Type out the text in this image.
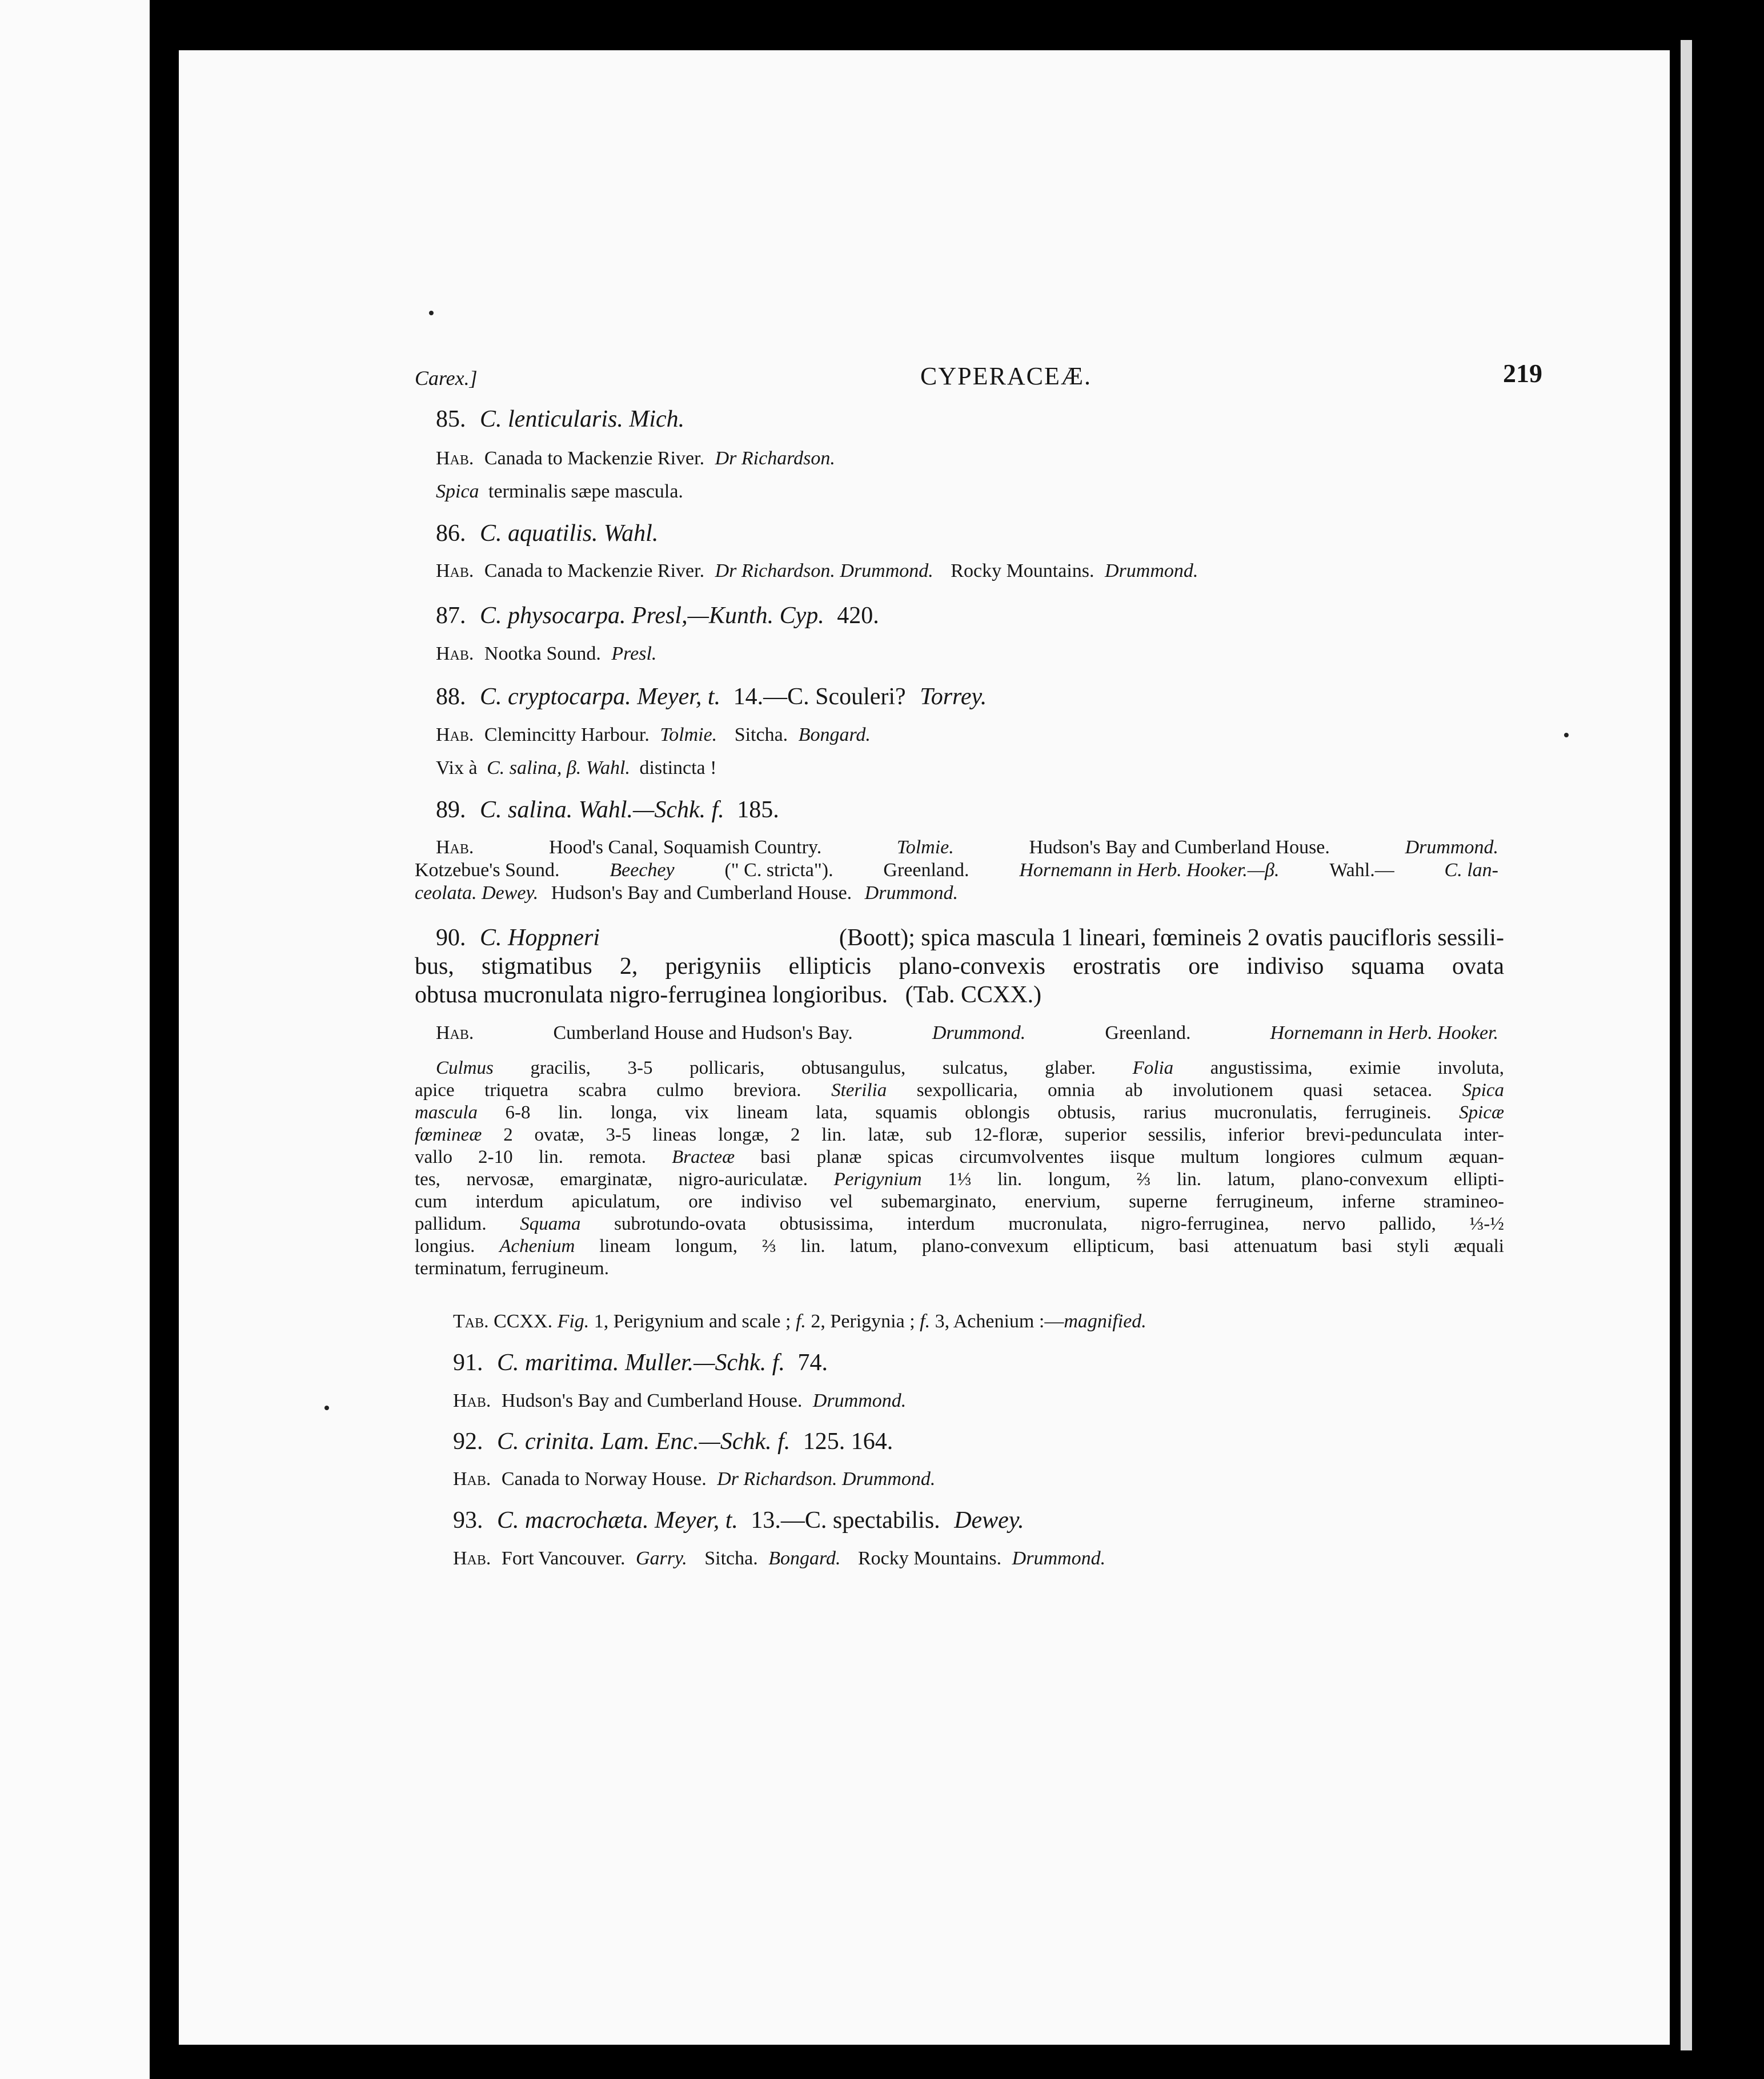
Carex.]	CYPERACEÆ.	219
85. C. lenticularis. Mich.
Hab. Canada to Mackenzie River. Dr Richardson.
Spica terminalis sæpe mascula.
86. C. aquatilis. Wahl.
Hab. Canada to Mackenzie River. Dr Richardson. Drummond. Rocky Mountains. Drummond.
87. C. physocarpa. Presl,—Kunth. Cyp. 420.
Hab. Nootka Sound. Presl.
88. C. cryptocarpa. Meyer, t. 14.—C. Scouleri? Torrey.
Hab. Clemincitty Harbour. Tolmie. Sitcha. Bongard.
Vix à C. salina, β. Wahl. distincta !
89. C. salina. Wahl.—Schk. f. 185.
Hab.	Hood's Canal, Soquamish Country.	Tolmie.	Hudson's Bay and Cumberland House.	Drummond.
Kotzebue's Sound.	Beechey	(" C. stricta").	Greenland.	Hornemann in Herb. Hooker.—β.	Wahl.—	C. lan-
ceolata. Dewey. Hudson's Bay and Cumberland House. Drummond.
90. C. Hoppneri	(Boott); spica mascula 1 lineari, fœmineis 2 ovatis paucifloris sessili-
bus, stigmatibus 2, perigyniis ellipticis plano-convexis erostratis ore indiviso squama ovata
obtusa mucronulata nigro-ferruginea longioribus. (Tab. CCXX.)
Hab.	Cumberland House and Hudson's Bay.	Drummond.	Greenland.	Hornemann in Herb. Hooker.
Culmus gracilis, 3-5 pollicaris, obtusangulus, sulcatus, glaber. Folia angustissima, eximie involuta,
apice triquetra scabra culmo breviora. Sterilia sexpollicaria, omnia ab involutionem quasi setacea. Spica
mascula 6-8 lin. longa, vix lineam lata, squamis oblongis obtusis, rarius mucronulatis, ferrugineis. Spicæ
fœmineæ 2 ovatæ, 3-5 lineas longæ, 2 lin. latæ, sub 12-floræ, superior sessilis, inferior brevi-pedunculata inter-
vallo 2-10 lin. remota. Bracteæ basi planæ spicas circumvolventes iisque multum longiores culmum æquan-
tes, nervosæ, emarginatæ, nigro-auriculatæ. Perigynium 1⅓ lin. longum, ⅔ lin. latum, plano-convexum ellipti-
cum interdum apiculatum, ore indiviso vel subemarginato, enervium, superne ferrugineum, inferne stramineo-
pallidum. Squama subrotundo-ovata obtusissima, interdum mucronulata, nigro-ferruginea, nervo pallido, ⅓-½
longius. Achenium lineam longum, ⅔ lin. latum, plano-convexum ellipticum, basi attenuatum basi styli æquali
terminatum, ferrugineum.
Tab. CCXX. Fig. 1, Perigynium and scale ; f. 2, Perigynia ; f. 3, Achenium :—magnified.
91. C. maritima. Muller.—Schk. f. 74.
Hab. Hudson's Bay and Cumberland House. Drummond.
92. C. crinita. Lam. Enc.—Schk. f. 125. 164.
Hab. Canada to Norway House. Dr Richardson. Drummond.
93. C. macrochæta. Meyer, t. 13.—C. spectabilis. Dewey.
Hab. Fort Vancouver. Garry. Sitcha. Bongard. Rocky Mountains. Drummond.
